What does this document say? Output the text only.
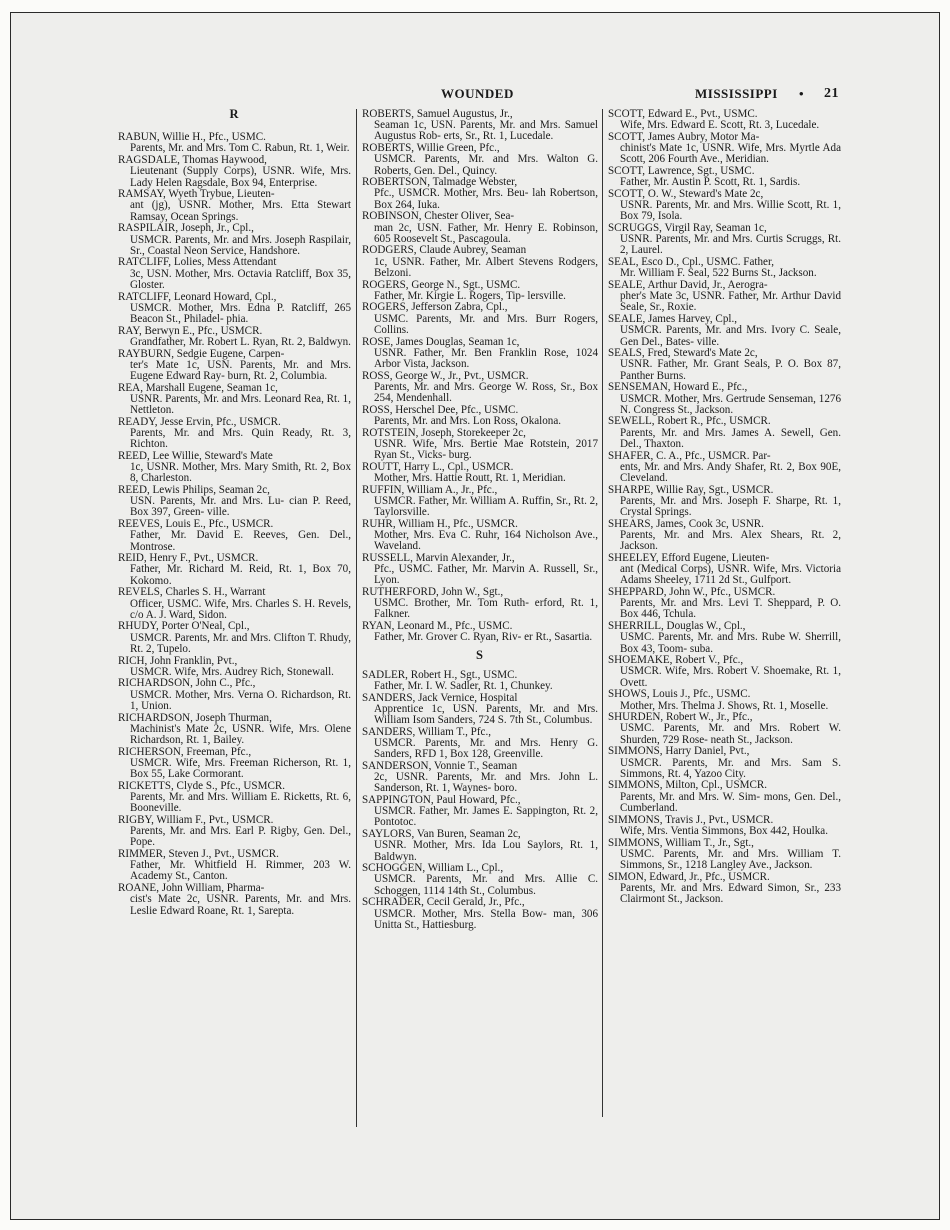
WOUNDED	MISSISSIPPI • 21
R

RABUN, Willie H., Pfc., USMC.
Parents, Mr. and Mrs. Tom C. Rabun, Rt. 1, Weir.

RAGSDALE, Thomas Haywood,
Lieutenant (Supply Corps), USNR. Wife, Mrs. Lady Helen Ragsdale, Box 94, Enterprise.

RAMSAY, Wyeth Trybue, Lieuten-
ant (jg), USNR. Mother, Mrs. Etta Stewart Ramsay, Ocean Springs.

RASPILAIR, Joseph, Jr., Cpl.,
USMCR. Parents, Mr. and Mrs. Joseph Raspilair, Sr., Coastal Neon Service, Handshore.

RATCLIFF, Lolies, Mess Attendant
3c, USN. Mother, Mrs. Octavia Ratcliff, Box 35, Gloster.

RATCLIFF, Leonard Howard, Cpl.,
USMCR. Mother, Mrs. Edna P. Ratcliff, 265 Beacon St., Philadel- phia.

RAY, Berwyn E., Pfc., USMCR.
Grandfather, Mr. Robert L. Ryan, Rt. 2, Baldwyn.

RAYBURN, Sedgie Eugene, Carpen-
ter's Mate 1c, USN. Parents, Mr. and Mrs. Eugene Edward Ray- burn, Rt. 2, Columbia.

REA, Marshall Eugene, Seaman 1c,
USNR. Parents, Mr. and Mrs. Leonard Rea, Rt. 1, Nettleton.

READY, Jesse Ervin, Pfc., USMCR.
Parents, Mr. and Mrs. Quin Ready, Rt. 3, Richton.

REED, Lee Willie, Steward's Mate
1c, USNR. Mother, Mrs. Mary Smith, Rt. 2, Box 8, Charleston.

REED, Lewis Philips, Seaman 2c,
USN. Parents, Mr. and Mrs. Lu- cian P. Reed, Box 397, Green- ville.

REEVES, Louis E., Pfc., USMCR.
Father, Mr. David E. Reeves, Gen. Del., Montrose.

REID, Henry F., Pvt., USMCR.
Father, Mr. Richard M. Reid, Rt. 1, Box 70, Kokomo.

REVELS, Charles S. H., Warrant
Officer, USMC. Wife, Mrs. Charles S. H. Revels, c/o A. J. Ward, Sidon.

RHUDY, Porter O'Neal, Cpl.,
USMCR. Parents, Mr. and Mrs. Clifton T. Rhudy, Rt. 2, Tupelo.

RICH, John Franklin, Pvt.,
USMCR. Wife, Mrs. Audrey Rich, Stonewall.

RICHARDSON, John C., Pfc.,
USMCR. Mother, Mrs. Verna O. Richardson, Rt. 1, Union.

RICHARDSON, Joseph Thurman,
Machinist's Mate 2c, USNR. Wife, Mrs. Olene Richardson, Rt. 1, Bailey.

RICHERSON, Freeman, Pfc.,
USMCR. Wife, Mrs. Freeman Richerson, Rt. 1, Box 55, Lake Cormorant.

RICKETTS, Clyde S., Pfc., USMCR.
Parents, Mr. and Mrs. William E. Ricketts, Rt. 6, Booneville.

RIGBY, William F., Pvt., USMCR.
Parents, Mr. and Mrs. Earl P. Rigby, Gen. Del., Pope.

RIMMER, Steven J., Pvt., USMCR.
Father, Mr. Whitfield H. Rimmer, 203 W. Academy St., Canton.

ROANE, John William, Pharma-
cist's Mate 2c, USNR. Parents, Mr. and Mrs. Leslie Edward Roane, Rt. 1, Sarepta.

ROBERTS, Samuel Augustus, Jr.,
Seaman 1c, USN. Parents, Mr. and Mrs. Samuel Augustus Rob- erts, Sr., Rt. 1, Lucedale.

ROBERTS, Willie Green, Pfc.,
USMCR. Parents, Mr. and Mrs. Walton G. Roberts, Gen. Del., Quincy.

ROBERTSON, Talmadge Webster,
Pfc., USMCR. Mother, Mrs. Beu- lah Robertson, Box 264, Iuka.

ROBINSON, Chester Oliver, Sea-
man 2c, USN. Father, Mr. Henry E. Robinson, 605 Roosevelt St., Pascagoula.

RODGERS, Claude Aubrey, Seaman
1c, USNR. Father, Mr. Albert Stevens Rodgers, Belzoni.

ROGERS, George N., Sgt., USMC.
Father, Mr. Kirgie L. Rogers, Tip- lersville.

ROGERS, Jefferson Zabra, Cpl.,
USMC. Parents, Mr. and Mrs. Burr Rogers, Collins.

ROSE, James Douglas, Seaman 1c,
USNR. Father, Mr. Ben Franklin Rose, 1024 Arbor Vista, Jackson.

ROSS, George W., Jr., Pvt., USMCR.
Parents, Mr. and Mrs. George W. Ross, Sr., Box 254, Mendenhall.

ROSS, Herschel Dee, Pfc., USMC.
Parents, Mr. and Mrs. Lon Ross, Okalona.

ROTSTEIN, Joseph, Storekeeper 2c,
USNR. Wife, Mrs. Bertie Mae Rotstein, 2017 Ryan St., Vicks- burg.

ROUTT, Harry L., Cpl., USMCR.
Mother, Mrs. Hattie Routt, Rt. 1, Meridian.

RUFFIN, William A., Jr., Pfc.,
USMCR. Father, Mr. William A. Ruffin, Sr., Rt. 2, Taylorsville.

RUHR, William H., Pfc., USMCR.
Mother, Mrs. Eva C. Ruhr, 164 Nicholson Ave., Waveland.

RUSSELL, Marvin Alexander, Jr.,
Pfc., USMC. Father, Mr. Marvin A. Russell, Sr., Lyon.

RUTHERFORD, John W., Sgt.,
USMC. Brother, Mr. Tom Ruth- erford, Rt. 1, Falkner.

RYAN, Leonard M., Pfc., USMC.
Father, Mr. Grover C. Ryan, Riv- er Rt., Sasartia.

S

SADLER, Robert H., Sgt., USMC.
Father, Mr. I. W. Sadler, Rt. 1, Chunkey.

SANDERS, Jack Vernice, Hospital
Apprentice 1c, USN. Parents, Mr. and Mrs. William Isom Sanders, 724 S. 7th St., Columbus.

SANDERS, William T., Pfc.,
USMCR. Parents, Mr. and Mrs. Henry G. Sanders, RFD 1, Box 128, Greenville.

SANDERSON, Vonnie T., Seaman
2c, USNR. Parents, Mr. and Mrs. John L. Sanderson, Rt. 1, Waynes- boro.

SAPPINGTON, Paul Howard, Pfc.,
USMCR. Father, Mr. James E. Sappington, Rt. 2, Pontotoc.

SAYLORS, Van Buren, Seaman 2c,
USNR. Mother, Mrs. Ida Lou Saylors, Rt. 1, Baldwyn.

SCHOGGEN, William L., Cpl.,
USMCR. Parents, Mr. and Mrs. Allie C. Schoggen, 1114 14th St., Columbus.

SCHRADER, Cecil Gerald, Jr., Pfc.,
USMCR. Mother, Mrs. Stella Bow- man, 306 Unitta St., Hattiesburg.

SCOTT, Edward E., Pvt., USMC.
Wife, Mrs. Edward E. Scott, Rt. 3, Lucedale.

SCOTT, James Aubry, Motor Ma-
chinist's Mate 1c, USNR. Wife, Mrs. Myrtle Ada Scott, 206 Fourth Ave., Meridian.

SCOTT, Lawrence, Sgt., USMC.
Father, Mr. Austin P. Scott, Rt. 1, Sardis.

SCOTT, O. W., Steward's Mate 2c,
USNR. Parents, Mr. and Mrs. Willie Scott, Rt. 1, Box 79, Isola.

SCRUGGS, Virgil Ray, Seaman 1c,
USNR. Parents, Mr. and Mrs. Curtis Scruggs, Rt. 2, Laurel.

SEAL, Esco D., Cpl., USMC. Father,
Mr. William F. Seal, 522 Burns St., Jackson.

SEALE, Arthur David, Jr., Aerogra-
pher's Mate 3c, USNR. Father, Mr. Arthur David Seale, Sr., Roxie.

SEALE, James Harvey, Cpl.,
USMCR. Parents, Mr. and Mrs. Ivory C. Seale, Gen Del., Bates- ville.

SEALS, Fred, Steward's Mate 2c,
USNR. Father, Mr. Grant Seals, P. O. Box 87, Panther Burns.

SENSEMAN, Howard E., Pfc.,
USMCR. Mother, Mrs. Gertrude Senseman, 1276 N. Congress St., Jackson.

SEWELL, Robert R., Pfc., USMCR.
Parents, Mr. and Mrs. James A. Sewell, Gen. Del., Thaxton.

SHAFER, C. A., Pfc., USMCR. Par-
ents, Mr. and Mrs. Andy Shafer, Rt. 2, Box 90E, Cleveland.

SHARPE, Willie Ray, Sgt., USMCR.
Parents, Mr. and Mrs. Joseph F. Sharpe, Rt. 1, Crystal Springs.

SHEARS, James, Cook 3c, USNR.
Parents, Mr. and Mrs. Alex Shears, Rt. 2, Jackson.

SHEELEY, Efford Eugene, Lieuten-
ant (Medical Corps), USNR. Wife, Mrs. Victoria Adams Sheeley, 1711 2d St., Gulfport.

SHEPPARD, John W., Pfc., USMCR.
Parents, Mr. and Mrs. Levi T. Sheppard, P. O. Box 446, Tchula.

SHERRILL, Douglas W., Cpl.,
USMC. Parents, Mr. and Mrs. Rube W. Sherrill, Box 43, Toom- suba.

SHOEMAKE, Robert V., Pfc.,
USMCR. Wife, Mrs. Robert V. Shoemake, Rt. 1, Ovett.

SHOWS, Louis J., Pfc., USMC.
Mother, Mrs. Thelma J. Shows, Rt. 1, Moselle.

SHURDEN, Robert W., Jr., Pfc.,
USMC. Parents, Mr. and Mrs. Robert W. Shurden, 729 Rose- neath St., Jackson.

SIMMONS, Harry Daniel, Pvt.,
USMCR. Parents, Mr. and Mrs. Sam S. Simmons, Rt. 4, Yazoo City.

SIMMONS, Milton, Cpl., USMCR.
Parents, Mr. and Mrs. W. Sim- mons, Gen. Del., Cumberland.

SIMMONS, Travis J., Pvt., USMCR.
Wife, Mrs. Ventia Simmons, Box 442, Houlka.

SIMMONS, William T., Jr., Sgt.,
USMC. Parents, Mr. and Mrs. William T. Simmons, Sr., 1218 Langley Ave., Jackson.

SIMON, Edward, Jr., Pfc., USMCR.
Parents, Mr. and Mrs. Edward Simon, Sr., 233 Clairmont St., Jackson.
